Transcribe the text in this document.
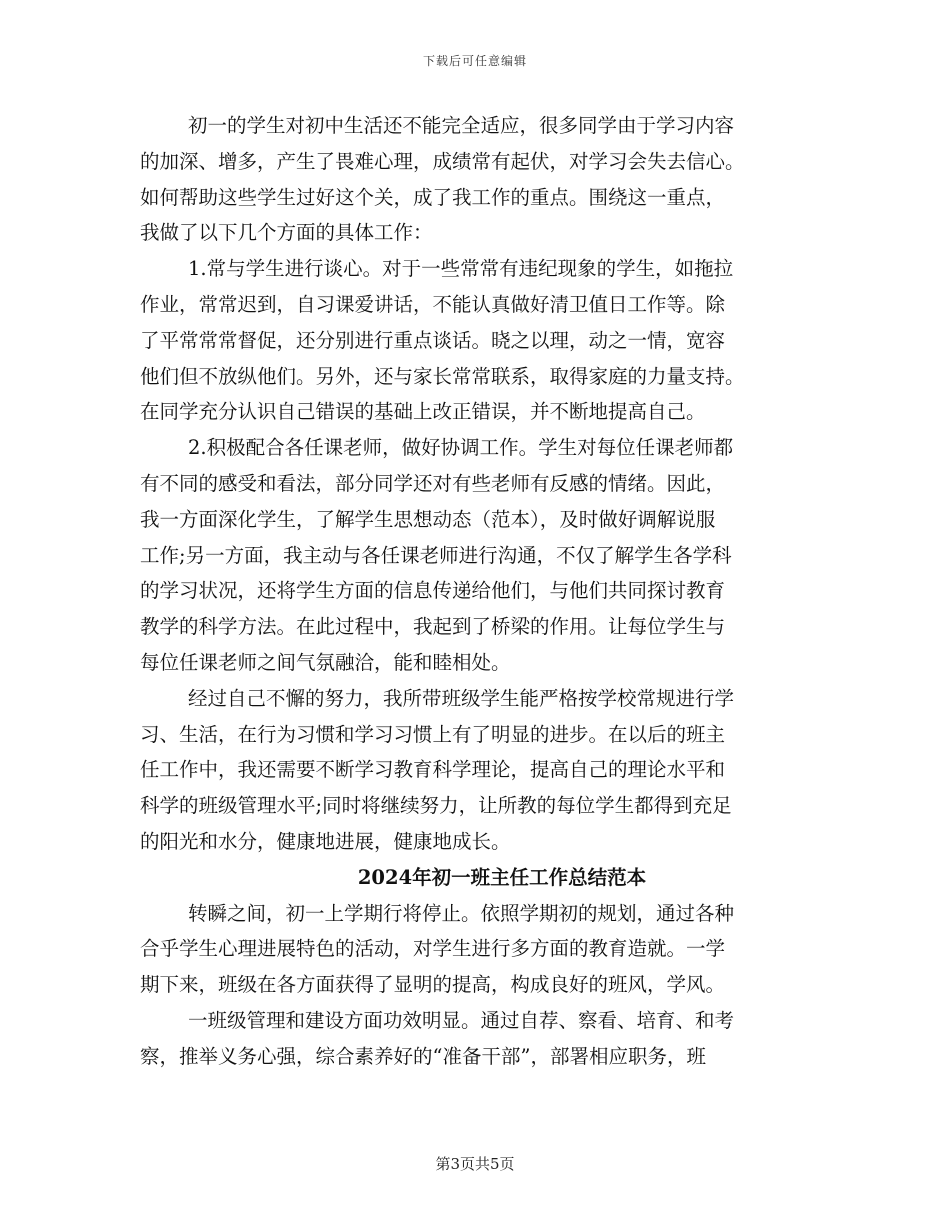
下载后可任意编辑
初一的学生对初中生活还不能完全适应，很多同学由于学习内容
的加深、增多，产生了畏难心理，成绩常有起伏，对学习会失去信心。
如何帮助这些学生过好这个关，成了我工作的重点。围绕这一重点，
我做了以下几个方面的具体工作：
1.常与学生进行谈心。对于一些常常有违纪现象的学生，如拖拉
作业，常常迟到，自习课爱讲话，不能认真做好清卫值日工作等。除
了平常常常督促，还分别进行重点谈话。晓之以理，动之一情，宽容
他们但不放纵他们。另外，还与家长常常联系，取得家庭的力量支持。
在同学充分认识自己错误的基础上改正错误，并不断地提高自己。
2.积极配合各任课老师，做好协调工作。学生对每位任课老师都
有不同的感受和看法，部分同学还对有些老师有反感的情绪。因此，
我一方面深化学生，了解学生思想动态（范本），及时做好调解说服
工作;另一方面，我主动与各任课老师进行沟通，不仅了解学生各学科
的学习状况，还将学生方面的信息传递给他们，与他们共同探讨教育
教学的科学方法。在此过程中，我起到了桥梁的作用。让每位学生与
每位任课老师之间气氛融洽，能和睦相处。
经过自己不懈的努力，我所带班级学生能严格按学校常规进行学
习、生活，在行为习惯和学习习惯上有了明显的进步。在以后的班主
任工作中，我还需要不断学习教育科学理论，提高自己的理论水平和
科学的班级管理水平;同时将继续努力，让所教的每位学生都得到充足
的阳光和水分，健康地进展，健康地成长。
2024年初一班主任工作总结范本
转瞬之间，初一上学期行将停止。依照学期初的规划，通过各种
合乎学生心理进展特色的活动，对学生进行多方面的教育造就。一学
期下来，班级在各方面获得了显明的提高，构成良好的班风，学风。
一班级管理和建设方面功效明显。通过自荐、察看、培育、和考
察，推举义务心强，综合素养好的“准备干部”，部署相应职务，班
第3页共5页
